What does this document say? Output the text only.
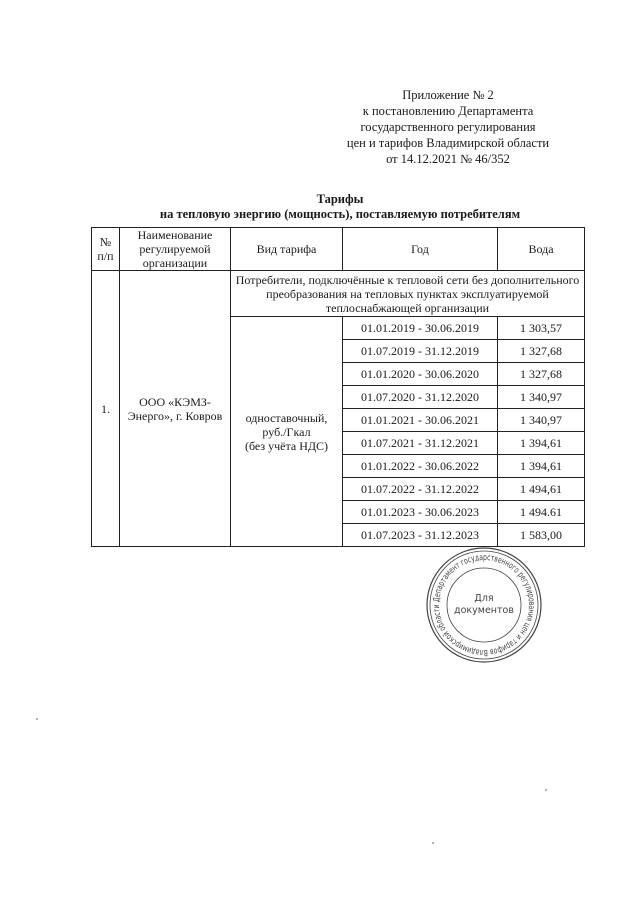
Приложение № 2
к постановлению Департамента
государственного регулирования
цен и тарифов Владимирской области
от 14.12.2021 № 46/352
Тарифы
на тепловую энергию (мощность), поставляемую потребителям
№ п/п	Наименование регулируемой организации	Вид тарифа	Год	Вода
1.	ООО «КЭМЗ-Энерго», г. Ковров	Потребители, подключённые к тепловой сети без дополнительного преобразования на тепловых пунктах эксплуатируемой теплоснабжающей организации		

		одноставочный,
руб./Гкал
(без учёта НДС)	01.01.2019 - 30.06.2019	1 303,57
			01.07.2019 - 31.12.2019	1 327,68
			01.01.2020 - 30.06.2020	1 327,68
			01.07.2020 - 31.12.2020	1 340,97
			01.01.2021 - 30.06.2021	1 340,97
			01.07.2021 - 31.12.2021	1 394,61
			01.01.2022 - 30.06.2022	1 394,61
			01.07.2022 - 31.12.2022	1 494,61
			01.01.2023 - 30.06.2023	1 494.61
			01.07.2023 - 31.12.2023	1 583,00
Департамент государственного регулирования цен и тарифов Владимирской области
Для
документов
